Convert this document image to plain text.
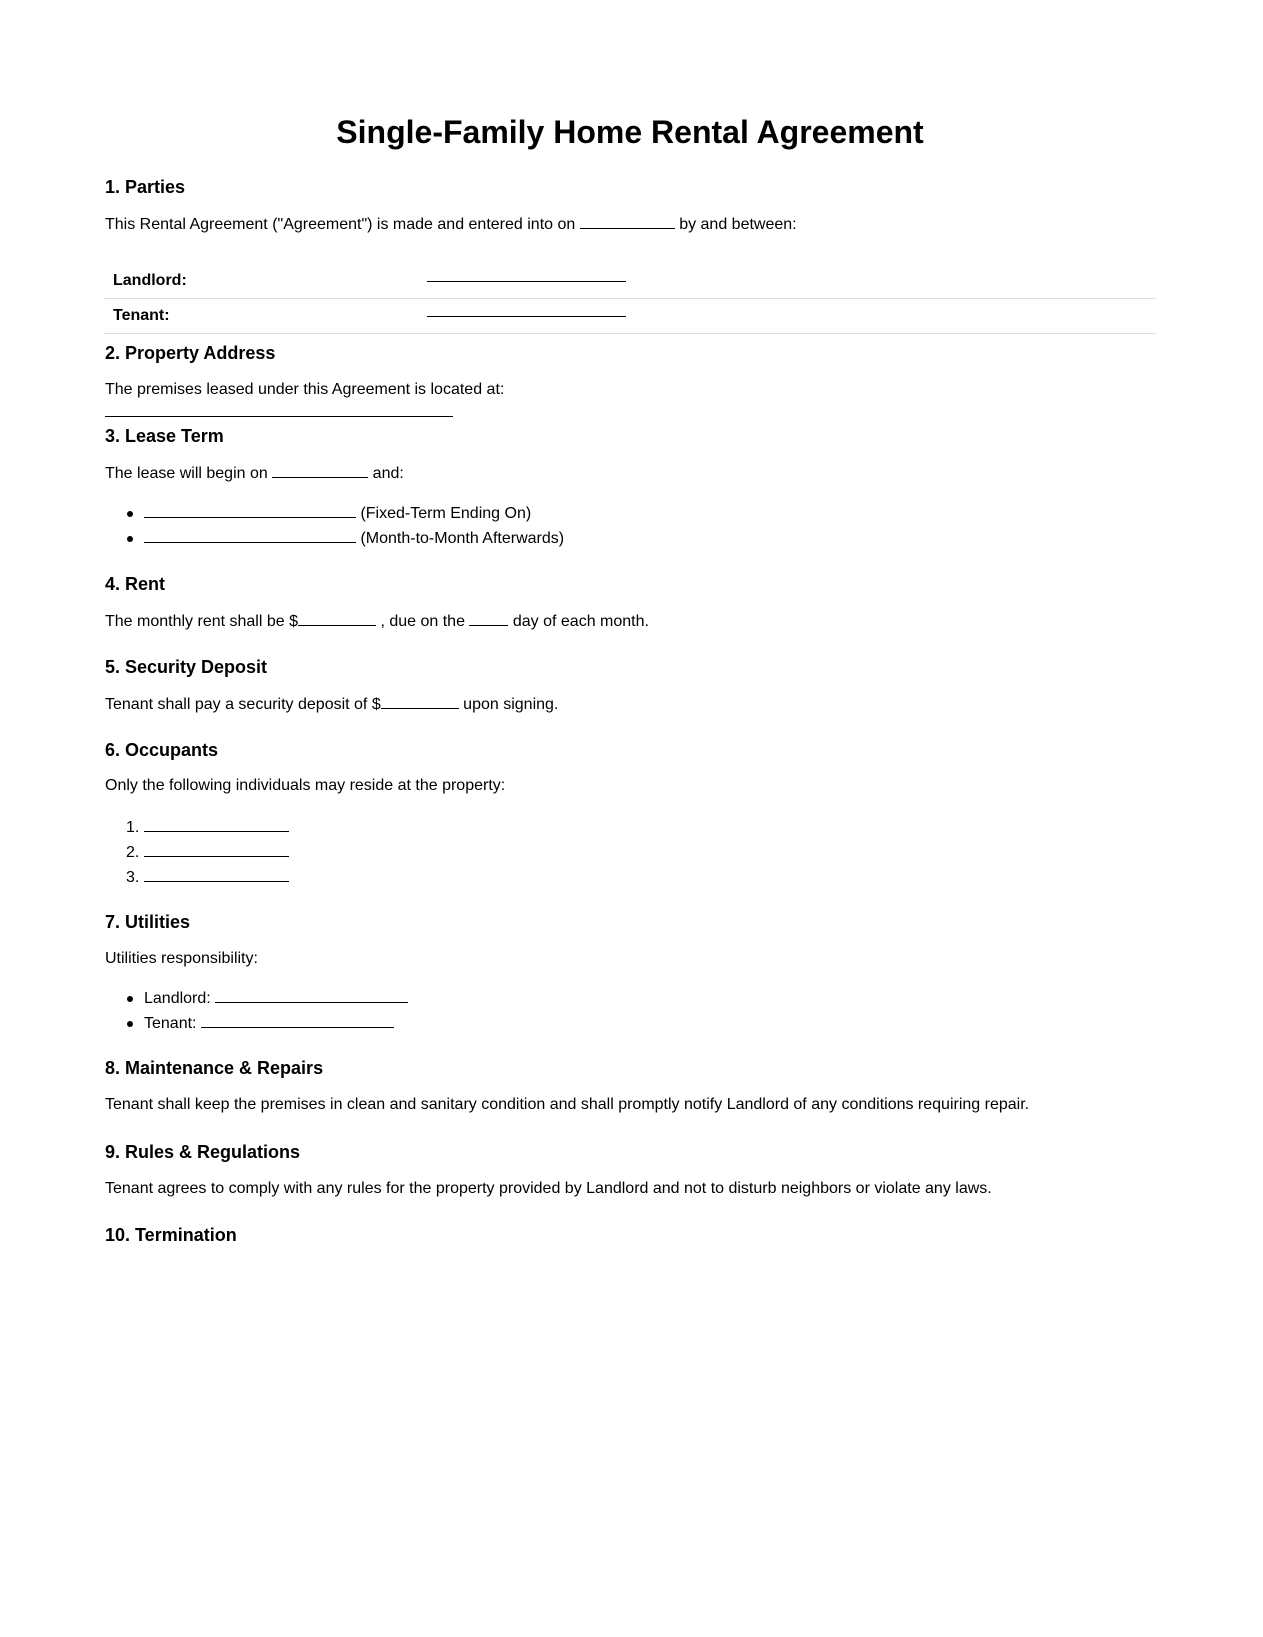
Single-Family Home Rental Agreement
1. Parties

This Rental Agreement ("Agreement") is made and entered into on	by and between:

Landlord:	
Tenant:	
2. Property Address

The premises leased under this Agreement is located at:

3. Lease Term

The lease will begin on	and:

(Fixed-Term Ending On)
(Month-to-Month Afterwards)
4. Rent

The monthly rent shall be $	, due on the	day of each month.

5. Security Deposit

Tenant shall pay a security deposit of $	upon signing.

6. Occupants

Only the following individuals may reside at the property:

1.
2.
3.
7. Utilities

Utilities responsibility:

Landlord:
Tenant:
8. Maintenance & Repairs

Tenant shall keep the premises in clean and sanitary condition and shall promptly notify Landlord of any conditions requiring repair.

9. Rules & Regulations

Tenant agrees to comply with any rules for the property provided by Landlord and not to disturb neighbors or violate any laws.

10. Termination
